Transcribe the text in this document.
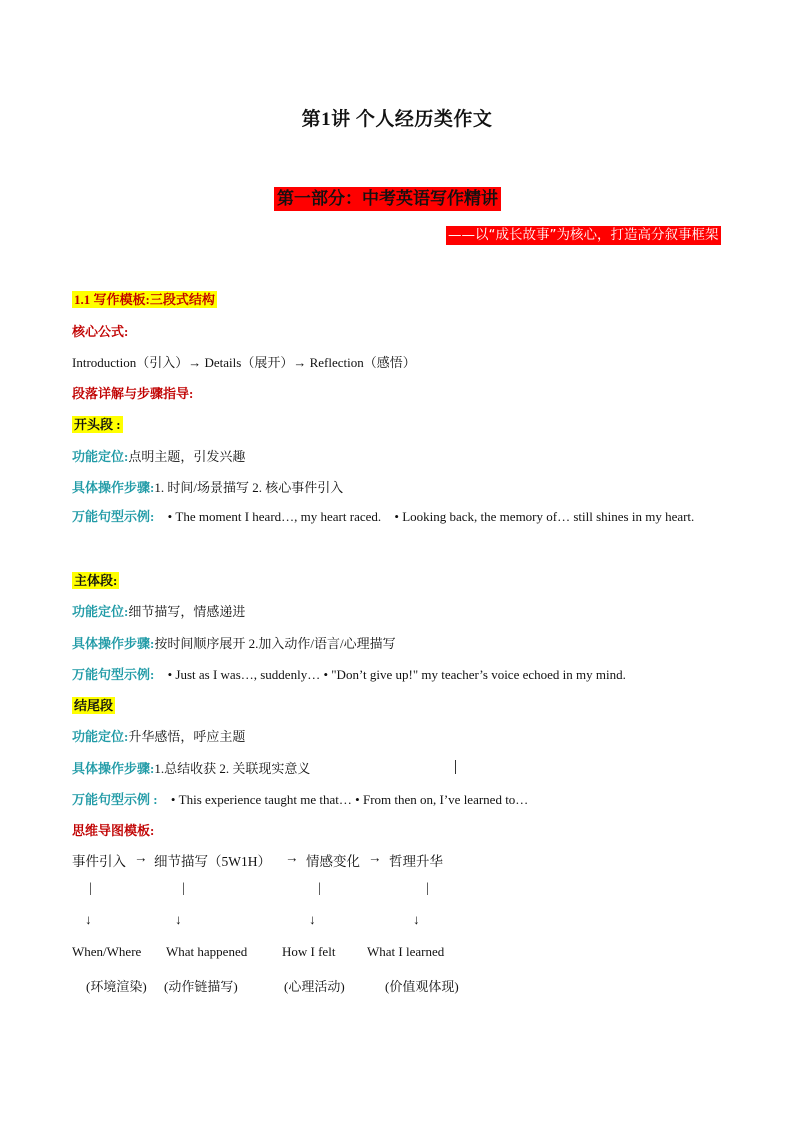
第1讲 个人经历类作文
第一部分：中考英语写作精讲
——以“成长故事”为核心，打造高分叙事框架
1.1 写作模板:三段式结构
核心公式:
Introduction（引入）→ Details（展开）→ Reflection（感悟）
段落详解与步骤指导:
开头段 :
功能定位:点明主题，引发兴趣
具体操作步骤:1. 时间/场景描写 2. 核心事件引入
万能句型示例: • The moment I heard…, my heart raced. • Looking back, the memory of… still shines in my heart.
主体段:
功能定位:细节描写，情感递进
具体操作步骤:按时间顺序展开 2.加入动作/语言/心理描写
万能句型示例: • Just as I was…, suddenly… • "Don’t give up!" my teacher’s voice echoed in my mind.
结尾段
功能定位:升华感悟，呼应主题
具体操作步骤:1.总结收获 2. 关联现实意义
万能句型示例 : • This experience taught me that… • From then on, I’ve learned to…
思维导图模板:
事件引入 → 细节描写（5W1H） → 情感变化 → 哲理升华
|	|	|	|
↓	↓	↓	↓
When/Where What happened	How I felt What I learned
(环境渲染) (动作链描写)	(心理活动)	(价值观体现)
